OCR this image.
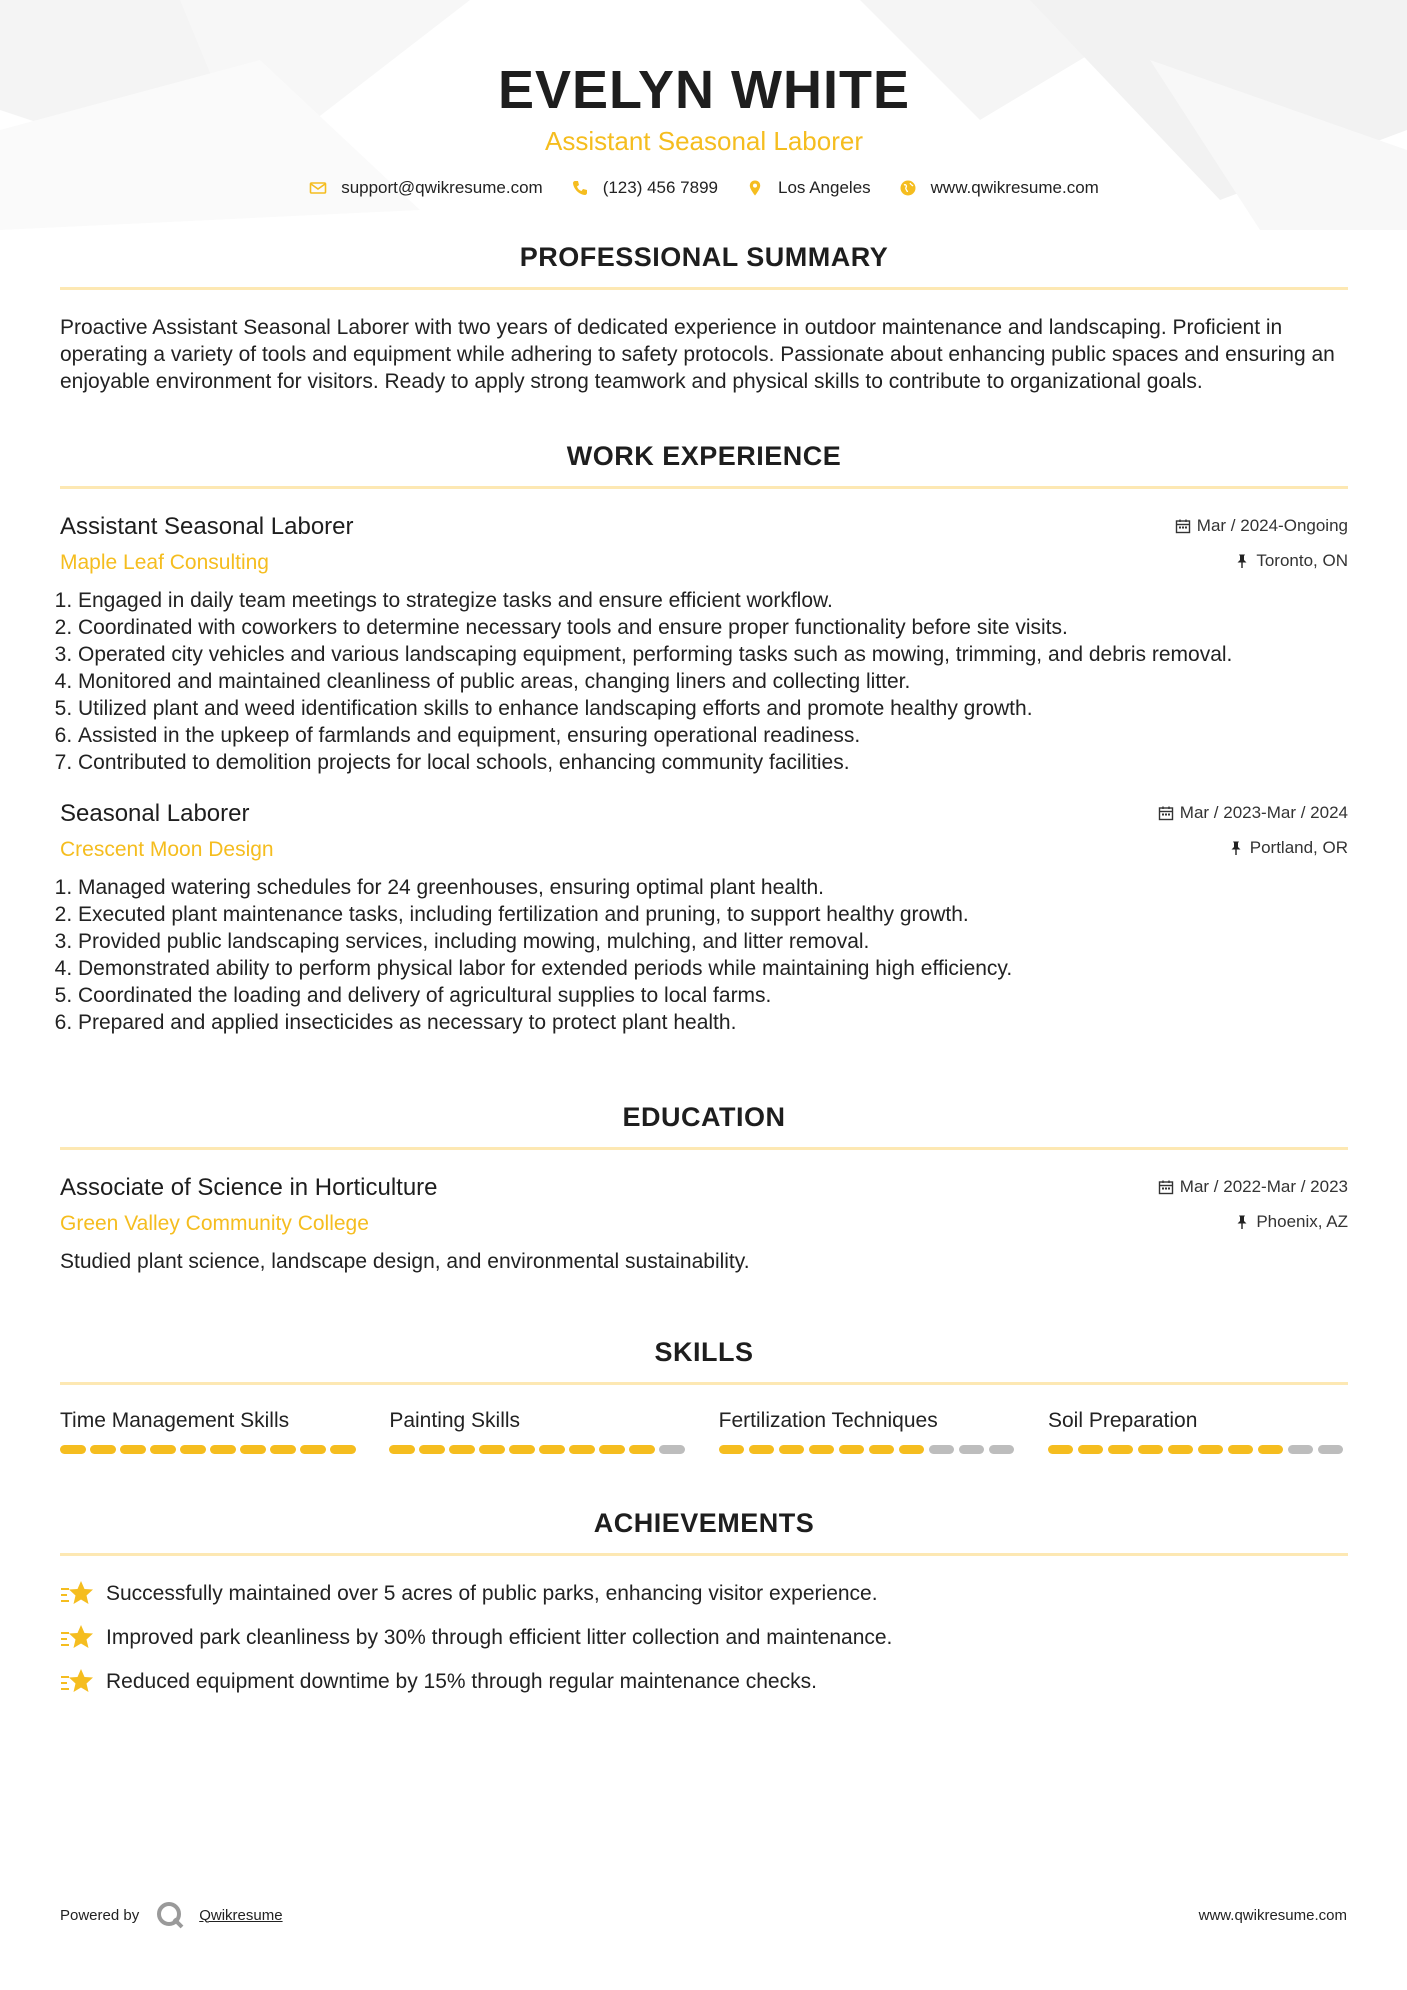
EVELYN WHITE
Assistant Seasonal Laborer
support@qwikresume.com	(123) 456 7899	Los Angeles	www.qwikresume.com
PROFESSIONAL SUMMARY
Proactive Assistant Seasonal Laborer with two years of dedicated experience in outdoor maintenance and landscaping. Proficient in operating a variety of tools and equipment while adhering to safety protocols. Passionate about enhancing public spaces and ensuring an enjoyable environment for visitors. Ready to apply strong teamwork and physical skills to contribute to organizational goals.
WORK EXPERIENCE
Assistant Seasonal Laborer	Mar / 2024-Ongoing
Maple Leaf Consulting	Toronto, ON
1. Engaged in daily team meetings to strategize tasks and ensure efficient workflow.
2. Coordinated with coworkers to determine necessary tools and ensure proper functionality before site visits.
3. Operated city vehicles and various landscaping equipment, performing tasks such as mowing, trimming, and debris removal.
4. Monitored and maintained cleanliness of public areas, changing liners and collecting litter.
5. Utilized plant and weed identification skills to enhance landscaping efforts and promote healthy growth.
6. Assisted in the upkeep of farmlands and equipment, ensuring operational readiness.
7. Contributed to demolition projects for local schools, enhancing community facilities.
Seasonal Laborer	Mar / 2023-Mar / 2024
Crescent Moon Design	Portland, OR
1. Managed watering schedules for 24 greenhouses, ensuring optimal plant health.
2. Executed plant maintenance tasks, including fertilization and pruning, to support healthy growth.
3. Provided public landscaping services, including mowing, mulching, and litter removal.
4. Demonstrated ability to perform physical labor for extended periods while maintaining high efficiency.
5. Coordinated the loading and delivery of agricultural supplies to local farms.
6. Prepared and applied insecticides as necessary to protect plant health.
EDUCATION
Associate of Science in Horticulture	Mar / 2022-Mar / 2023
Green Valley Community College	Phoenix, AZ
Studied plant science, landscape design, and environmental sustainability.
SKILLS
Time Management Skills	Painting Skills	Fertilization Techniques	Soil Preparation
ACHIEVEMENTS
Successfully maintained over 5 acres of public parks, enhancing visitor experience.
Improved park cleanliness by 30% through efficient litter collection and maintenance.
Reduced equipment downtime by 15% through regular maintenance checks.
Powered by	Qwikresume	www.qwikresume.com
